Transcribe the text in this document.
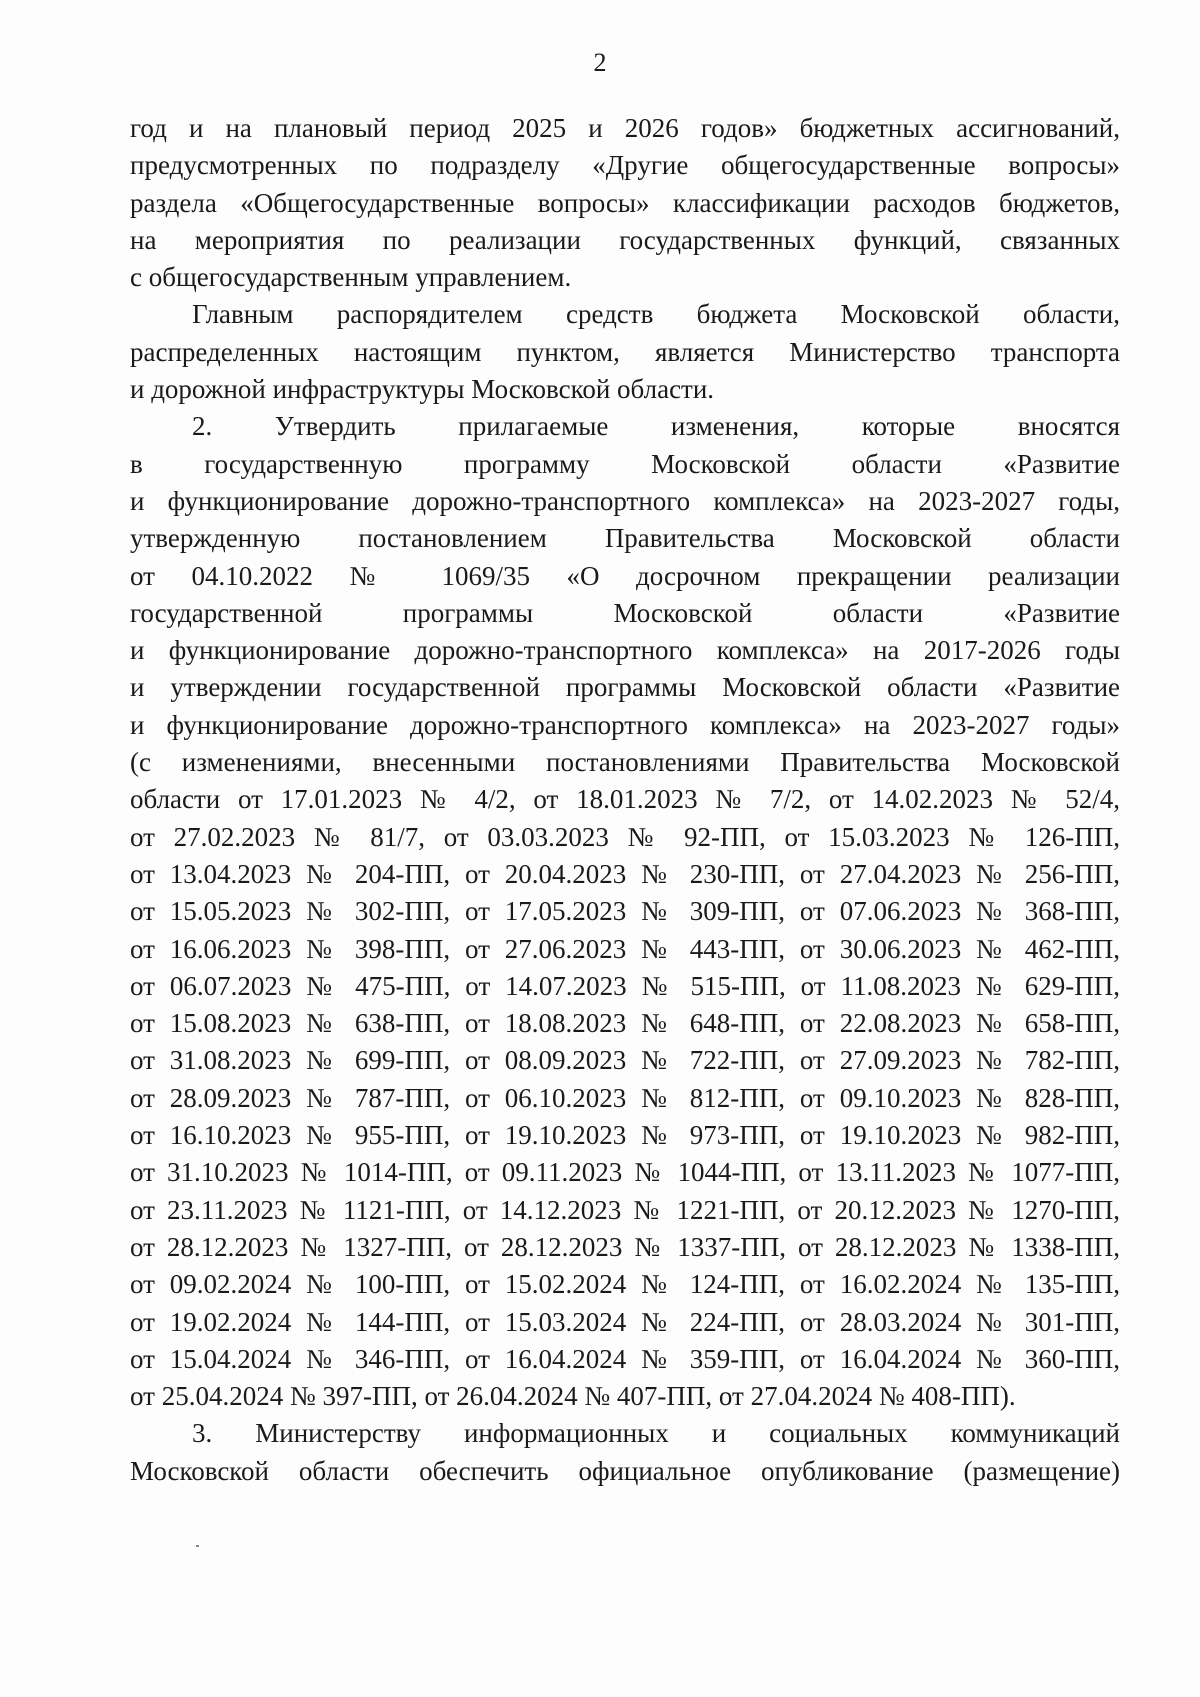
2

год и на плановый период 2025 и 2026 годов» бюджетных ассигнований,
предусмотренных по подразделу «Другие общегосударственные вопросы»
раздела «Общегосударственные вопросы» классификации расходов бюджетов,
на мероприятия по реализации государственных функций, связанных
с общегосударственным управлением.

Главным распорядителем средств бюджета Московской области,
распределенных настоящим пунктом, является Министерство транспорта
и дорожной инфраструктуры Московской области.

2. Утвердить прилагаемые изменения, которые вносятся
в государственную программу Московской области «Развитие
и функционирование дорожно-транспортного комплекса» на 2023-2027 годы,
утвержденную постановлением Правительства Московской области
от 04.10.2022 № 1069/35 «О досрочном прекращении реализации
государственной программы Московской области «Развитие
и функционирование дорожно-транспортного комплекса» на 2017-2026 годы
и утверждении государственной программы Московской области «Развитие
и функционирование дорожно-транспортного комплекса» на 2023-2027 годы»
(с изменениями, внесенными постановлениями Правительства Московской
области от 17.01.2023 № 4/2, от 18.01.2023 № 7/2, от 14.02.2023 № 52/4,
от 27.02.2023 № 81/7, от 03.03.2023 № 92-ПП, от 15.03.2023 № 126-ПП,
от 13.04.2023 № 204-ПП, от 20.04.2023 № 230-ПП, от 27.04.2023 № 256-ПП,
от 15.05.2023 № 302-ПП, от 17.05.2023 № 309-ПП, от 07.06.2023 № 368-ПП,
от 16.06.2023 № 398-ПП, от 27.06.2023 № 443-ПП, от 30.06.2023 № 462-ПП,
от 06.07.2023 № 475-ПП, от 14.07.2023 № 515-ПП, от 11.08.2023 № 629-ПП,
от 15.08.2023 № 638-ПП, от 18.08.2023 № 648-ПП, от 22.08.2023 № 658-ПП,
от 31.08.2023 № 699-ПП, от 08.09.2023 № 722-ПП, от 27.09.2023 № 782-ПП,
от 28.09.2023 № 787-ПП, от 06.10.2023 № 812-ПП, от 09.10.2023 № 828-ПП,
от 16.10.2023 № 955-ПП, от 19.10.2023 № 973-ПП, от 19.10.2023 № 982-ПП,
от 31.10.2023 № 1014-ПП, от 09.11.2023 № 1044-ПП, от 13.11.2023 № 1077-ПП,
от 23.11.2023 № 1121-ПП, от 14.12.2023 № 1221-ПП, от 20.12.2023 № 1270-ПП,
от 28.12.2023 № 1327-ПП, от 28.12.2023 № 1337-ПП, от 28.12.2023 № 1338-ПП,
от 09.02.2024 № 100-ПП, от 15.02.2024 № 124-ПП, от 16.02.2024 № 135-ПП,
от 19.02.2024 № 144-ПП, от 15.03.2024 № 224-ПП, от 28.03.2024 № 301-ПП,
от 15.04.2024 № 346-ПП, от 16.04.2024 № 359-ПП, от 16.04.2024 № 360-ПП,
от 25.04.2024 № 397-ПП, от 26.04.2024 № 407-ПП, от 27.04.2024 № 408-ПП).

3. Министерству информационных и социальных коммуникаций
Московской области обеспечить официальное опубликование (размещение)
